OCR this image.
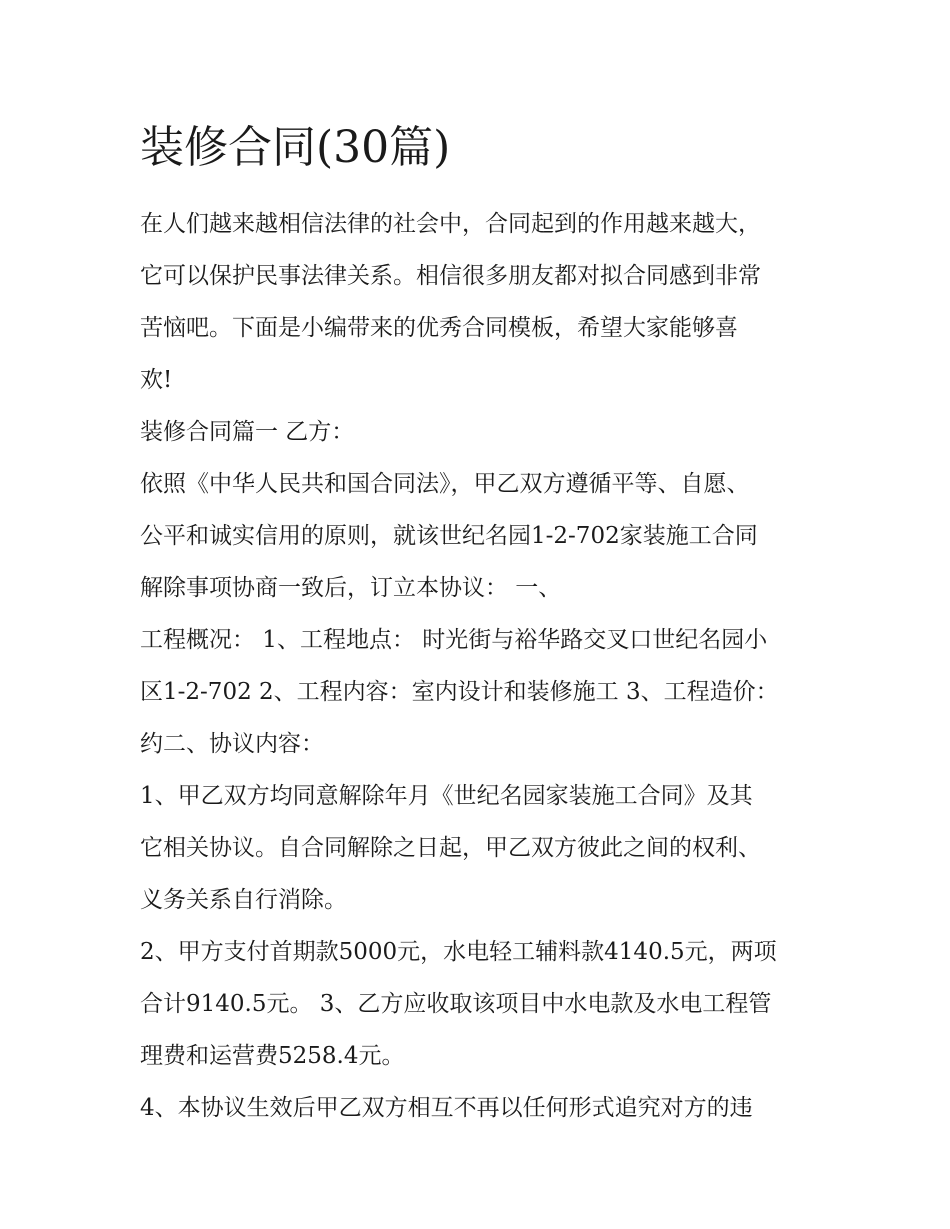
装修合同(30篇)

在人们越来越相信法律的社会中，合同起到的作用越来越大，

它可以保护民事法律关系。相信很多朋友都对拟合同感到非常

苦恼吧。下面是小编带来的优秀合同模板，希望大家能够喜

欢!

装修合同篇一 乙方：

依照《中华人民共和国合同法》，甲乙双方遵循平等、自愿、

公平和诚实信用的原则，就该世纪名园1-2-702家装施工合同

解除事项协商一致后，订立本协议： 一、

工程概况： 1、工程地点： 时光街与裕华路交叉口世纪名园小

区1-2-702 2、工程内容：室内设计和装修施工 3、工程造价：

约二、协议内容：

1、甲乙双方均同意解除年月《世纪名园家装施工合同》及其

它相关协议。自合同解除之日起，甲乙双方彼此之间的权利、

义务关系自行消除。

2、甲方支付首期款5000元，水电轻工辅料款4140.5元，两项

合计9140.5元。 3、乙方应收取该项目中水电款及水电工程管

理费和运营费5258.4元。

4、本协议生效后甲乙双方相互不再以任何形式追究对方的违
